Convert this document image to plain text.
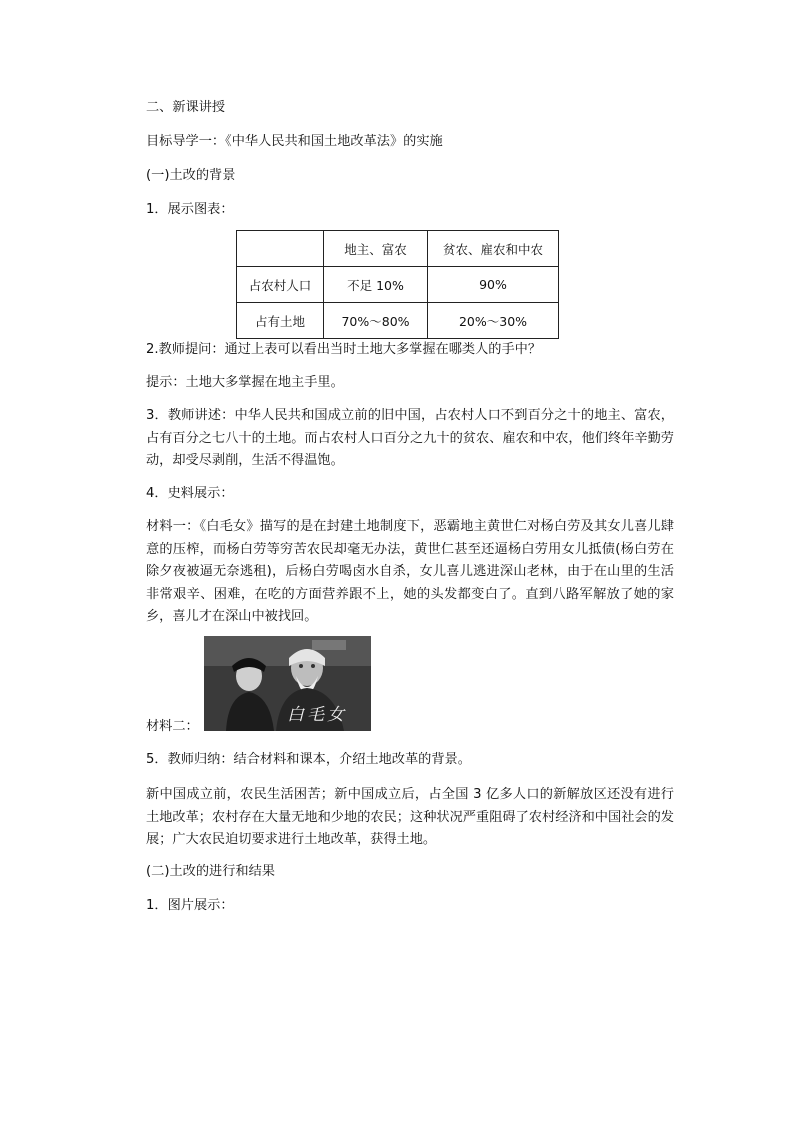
二、新课讲授
目标导学一：《中华人民共和国土地改革法》的实施
(一)土改的背景
1．展示图表：
	地主、富农	贫农、雇农和中农
占农村人口	不足 10%	90%
占有土地	70%～80%	20%～30%
2.教师提问：通过上表可以看出当时土地大多掌握在哪类人的手中？
提示：土地大多掌握在地主手里。
3．教师讲述：中华人民共和国成立前的旧中国，占农村人口不到百分之十的地主、富农，占有百分之七八十的土地。而占农村人口百分之九十的贫农、雇农和中农，他们终年辛勤劳动，却受尽剥削，生活不得温饱。
4．史料展示：
材料一：《白毛女》描写的是在封建土地制度下，恶霸地主黄世仁对杨白劳及其女儿喜儿肆意的压榨，而杨白劳等穷苦农民却毫无办法，黄世仁甚至还逼杨白劳用女儿抵债(杨白劳在除夕夜被逼无奈逃租)，后杨白劳喝卤水自杀，女儿喜儿逃进深山老林，由于在山里的生活非常艰辛、困难，在吃的方面营养跟不上，她的头发都变白了。直到八路军解放了她的家乡，喜儿才在深山中被找回。
白毛女
材料二：
5．教师归纳：结合材料和课本，介绍土地改革的背景。
新中国成立前，农民生活困苦；新中国成立后，占全国 3 亿多人口的新解放区还没有进行土地改革；农村存在大量无地和少地的农民；这种状况严重阻碍了农村经济和中国社会的发展；广大农民迫切要求进行土地改革，获得土地。
(二)土改的进行和结果
1．图片展示：
